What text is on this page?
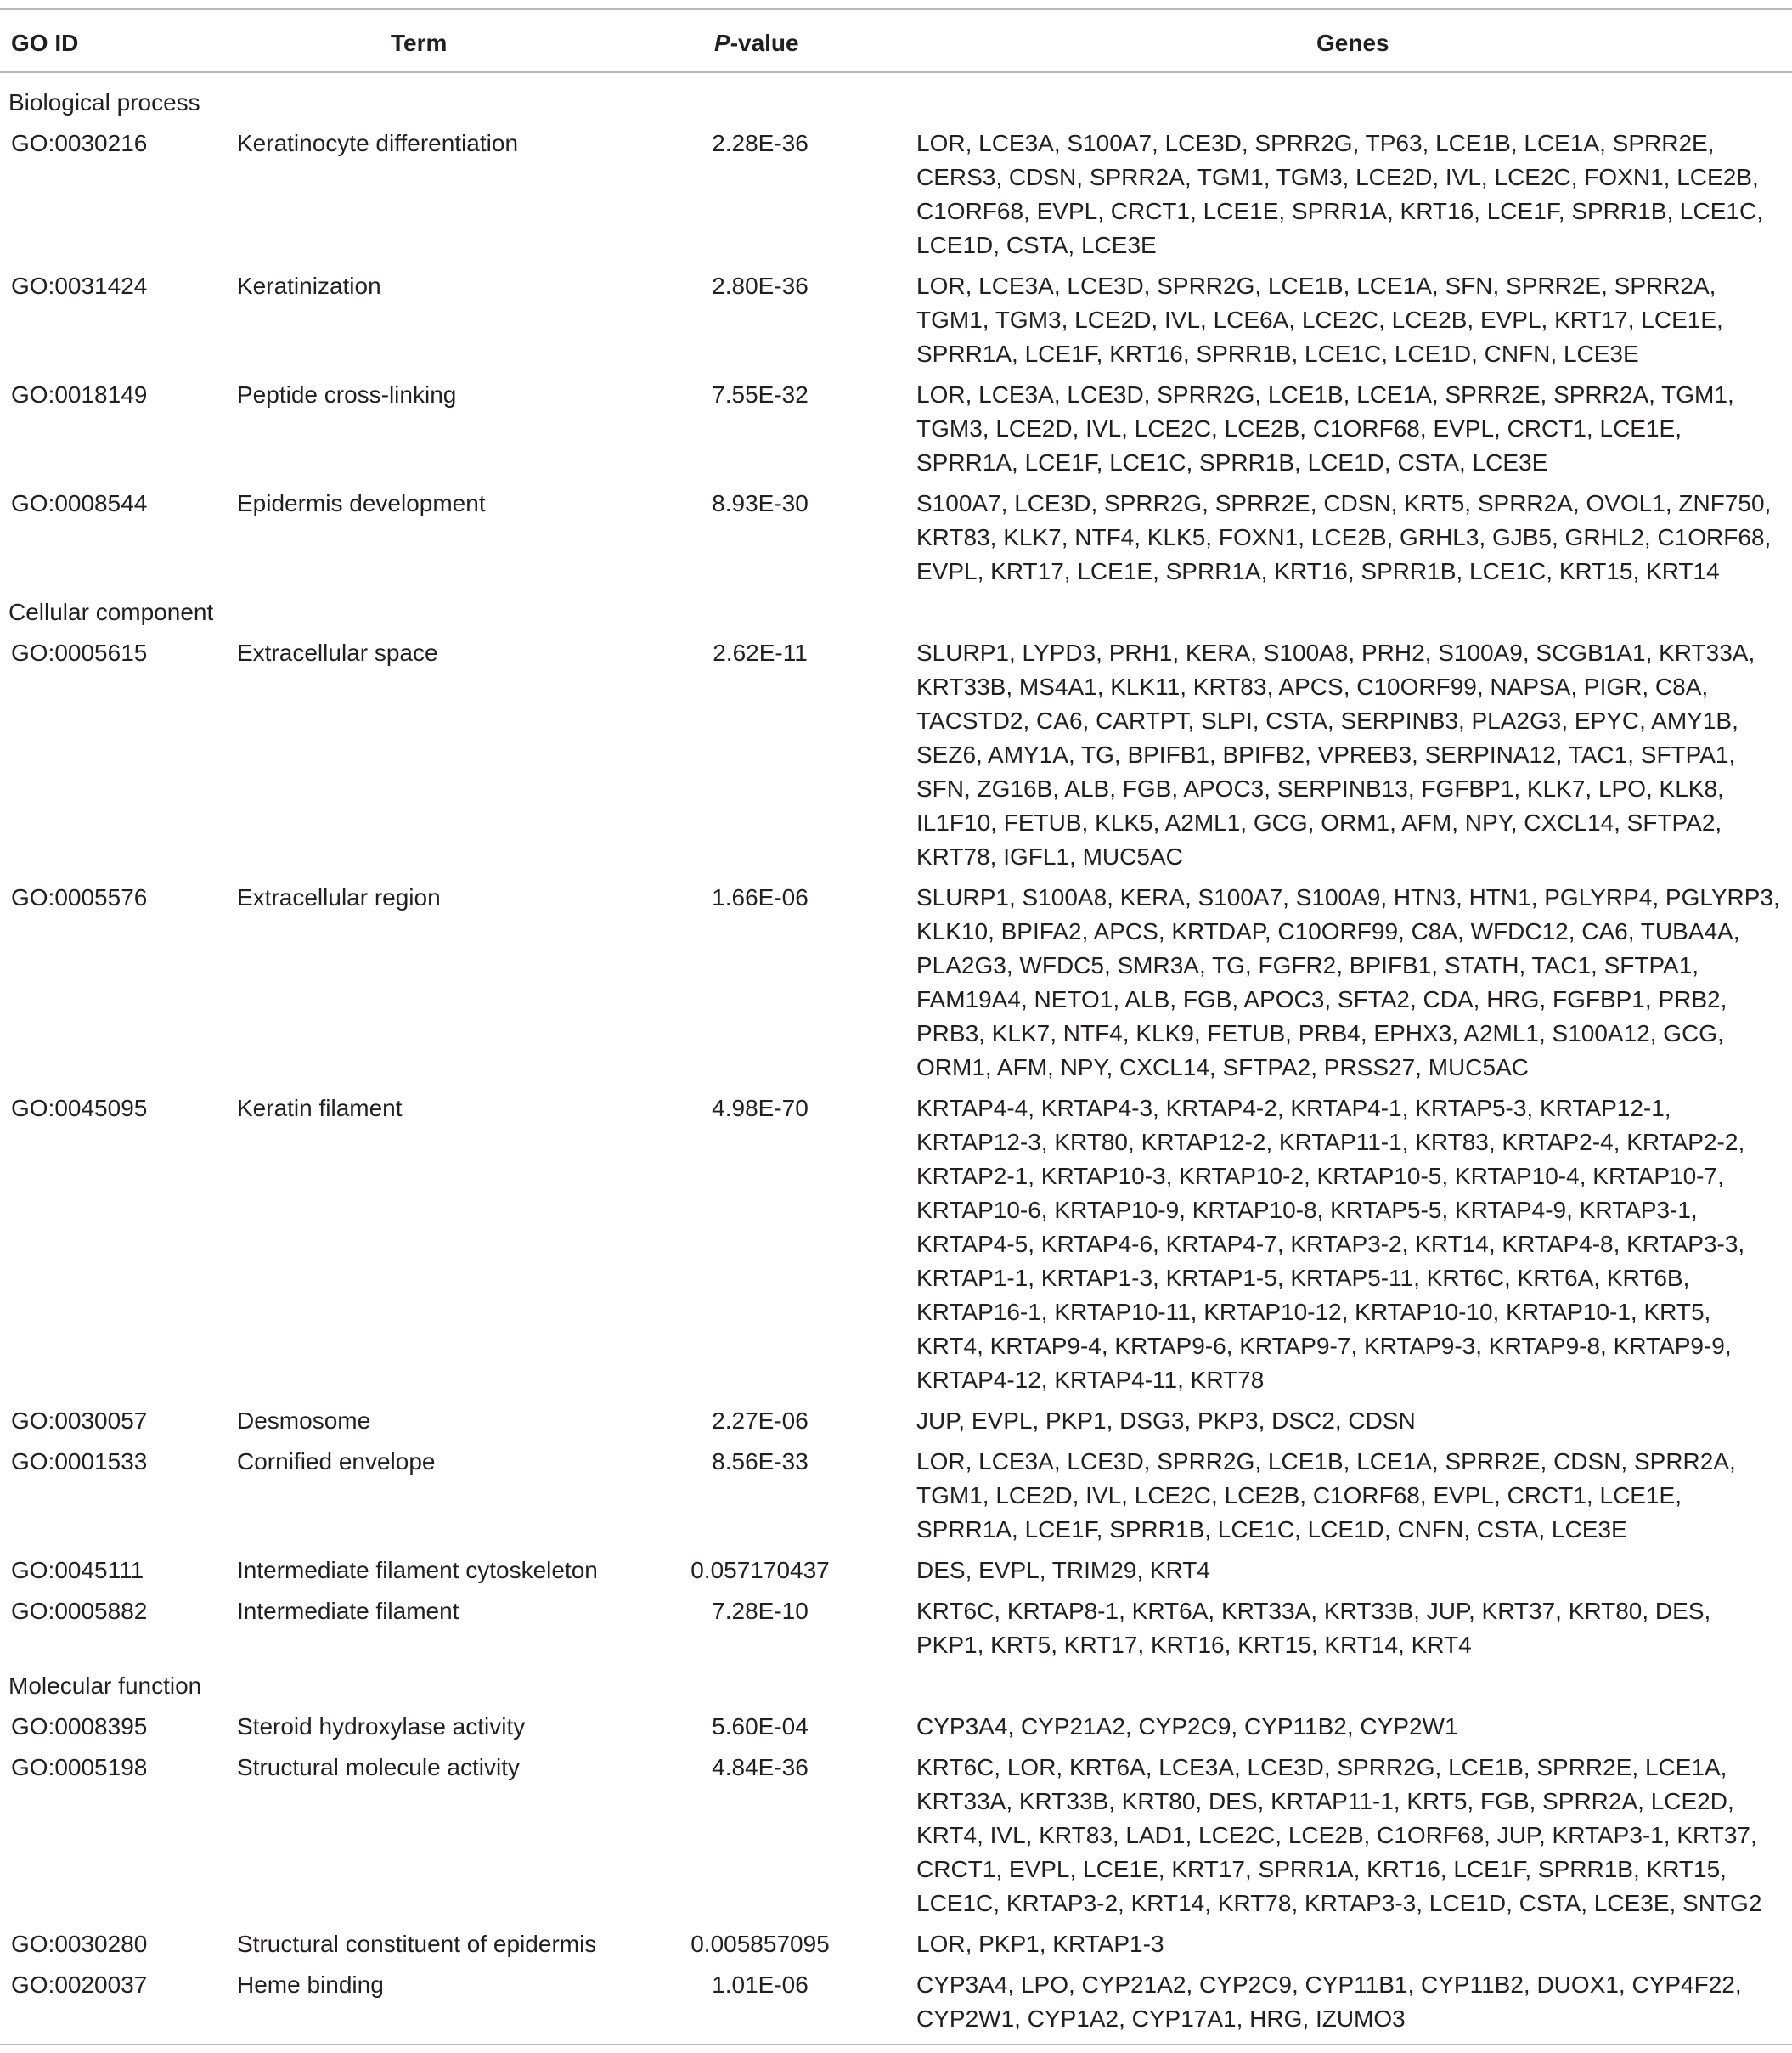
GO ID	Term	P-value	Genes
Biological process
GO:0030216	Keratinocyte differentiation	2.28E-36	LOR, LCE3A, S100A7, LCE3D, SPRR2G, TP63, LCE1B, LCE1A, SPRR2E,
CERS3, CDSN, SPRR2A, TGM1, TGM3, LCE2D, IVL, LCE2C, FOXN1, LCE2B,
C1ORF68, EVPL, CRCT1, LCE1E, SPRR1A, KRT16, LCE1F, SPRR1B, LCE1C,
LCE1D, CSTA, LCE3E
GO:0031424	Keratinization	2.80E-36	LOR, LCE3A, LCE3D, SPRR2G, LCE1B, LCE1A, SFN, SPRR2E, SPRR2A,
TGM1, TGM3, LCE2D, IVL, LCE6A, LCE2C, LCE2B, EVPL, KRT17, LCE1E,
SPRR1A, LCE1F, KRT16, SPRR1B, LCE1C, LCE1D, CNFN, LCE3E
GO:0018149	Peptide cross-linking	7.55E-32	LOR, LCE3A, LCE3D, SPRR2G, LCE1B, LCE1A, SPRR2E, SPRR2A, TGM1,
TGM3, LCE2D, IVL, LCE2C, LCE2B, C1ORF68, EVPL, CRCT1, LCE1E,
SPRR1A, LCE1F, LCE1C, SPRR1B, LCE1D, CSTA, LCE3E
GO:0008544	Epidermis development	8.93E-30	S100A7, LCE3D, SPRR2G, SPRR2E, CDSN, KRT5, SPRR2A, OVOL1, ZNF750,
KRT83, KLK7, NTF4, KLK5, FOXN1, LCE2B, GRHL3, GJB5, GRHL2, C1ORF68,
EVPL, KRT17, LCE1E, SPRR1A, KRT16, SPRR1B, LCE1C, KRT15, KRT14
Cellular component
GO:0005615	Extracellular space	2.62E-11	SLURP1, LYPD3, PRH1, KERA, S100A8, PRH2, S100A9, SCGB1A1, KRT33A,
KRT33B, MS4A1, KLK11, KRT83, APCS, C10ORF99, NAPSA, PIGR, C8A,
TACSTD2, CA6, CARTPT, SLPI, CSTA, SERPINB3, PLA2G3, EPYC, AMY1B,
SEZ6, AMY1A, TG, BPIFB1, BPIFB2, VPREB3, SERPINA12, TAC1, SFTPA1,
SFN, ZG16B, ALB, FGB, APOC3, SERPINB13, FGFBP1, KLK7, LPO, KLK8,
IL1F10, FETUB, KLK5, A2ML1, GCG, ORM1, AFM, NPY, CXCL14, SFTPA2,
KRT78, IGFL1, MUC5AC
GO:0005576	Extracellular region	1.66E-06	SLURP1, S100A8, KERA, S100A7, S100A9, HTN3, HTN1, PGLYRP4, PGLYRP3,
KLK10, BPIFA2, APCS, KRTDAP, C10ORF99, C8A, WFDC12, CA6, TUBA4A,
PLA2G3, WFDC5, SMR3A, TG, FGFR2, BPIFB1, STATH, TAC1, SFTPA1,
FAM19A4, NETO1, ALB, FGB, APOC3, SFTA2, CDA, HRG, FGFBP1, PRB2,
PRB3, KLK7, NTF4, KLK9, FETUB, PRB4, EPHX3, A2ML1, S100A12, GCG,
ORM1, AFM, NPY, CXCL14, SFTPA2, PRSS27, MUC5AC
GO:0045095	Keratin filament	4.98E-70	KRTAP4-4, KRTAP4-3, KRTAP4-2, KRTAP4-1, KRTAP5-3, KRTAP12-1,
KRTAP12-3, KRT80, KRTAP12-2, KRTAP11-1, KRT83, KRTAP2-4, KRTAP2-2,
KRTAP2-1, KRTAP10-3, KRTAP10-2, KRTAP10-5, KRTAP10-4, KRTAP10-7,
KRTAP10-6, KRTAP10-9, KRTAP10-8, KRTAP5-5, KRTAP4-9, KRTAP3-1,
KRTAP4-5, KRTAP4-6, KRTAP4-7, KRTAP3-2, KRT14, KRTAP4-8, KRTAP3-3,
KRTAP1-1, KRTAP1-3, KRTAP1-5, KRTAP5-11, KRT6C, KRT6A, KRT6B,
KRTAP16-1, KRTAP10-11, KRTAP10-12, KRTAP10-10, KRTAP10-1, KRT5,
KRT4, KRTAP9-4, KRTAP9-6, KRTAP9-7, KRTAP9-3, KRTAP9-8, KRTAP9-9,
KRTAP4-12, KRTAP4-11, KRT78
GO:0030057	Desmosome	2.27E-06	JUP, EVPL, PKP1, DSG3, PKP3, DSC2, CDSN
GO:0001533	Cornified envelope	8.56E-33	LOR, LCE3A, LCE3D, SPRR2G, LCE1B, LCE1A, SPRR2E, CDSN, SPRR2A,
TGM1, LCE2D, IVL, LCE2C, LCE2B, C1ORF68, EVPL, CRCT1, LCE1E,
SPRR1A, LCE1F, SPRR1B, LCE1C, LCE1D, CNFN, CSTA, LCE3E
GO:0045111	Intermediate filament cytoskeleton	0.057170437	DES, EVPL, TRIM29, KRT4
GO:0005882	Intermediate filament	7.28E-10	KRT6C, KRTAP8-1, KRT6A, KRT33A, KRT33B, JUP, KRT37, KRT80, DES,
PKP1, KRT5, KRT17, KRT16, KRT15, KRT14, KRT4
Molecular function
GO:0008395	Steroid hydroxylase activity	5.60E-04	CYP3A4, CYP21A2, CYP2C9, CYP11B2, CYP2W1
GO:0005198	Structural molecule activity	4.84E-36	KRT6C, LOR, KRT6A, LCE3A, LCE3D, SPRR2G, LCE1B, SPRR2E, LCE1A,
KRT33A, KRT33B, KRT80, DES, KRTAP11-1, KRT5, FGB, SPRR2A, LCE2D,
KRT4, IVL, KRT83, LAD1, LCE2C, LCE2B, C1ORF68, JUP, KRTAP3-1, KRT37,
CRCT1, EVPL, LCE1E, KRT17, SPRR1A, KRT16, LCE1F, SPRR1B, KRT15,
LCE1C, KRTAP3-2, KRT14, KRT78, KRTAP3-3, LCE1D, CSTA, LCE3E, SNTG2
GO:0030280	Structural constituent of epidermis	0.005857095	LOR, PKP1, KRTAP1-3
GO:0020037	Heme binding	1.01E-06	CYP3A4, LPO, CYP21A2, CYP2C9, CYP11B1, CYP11B2, DUOX1, CYP4F22,
CYP2W1, CYP1A2, CYP17A1, HRG, IZUMO3
